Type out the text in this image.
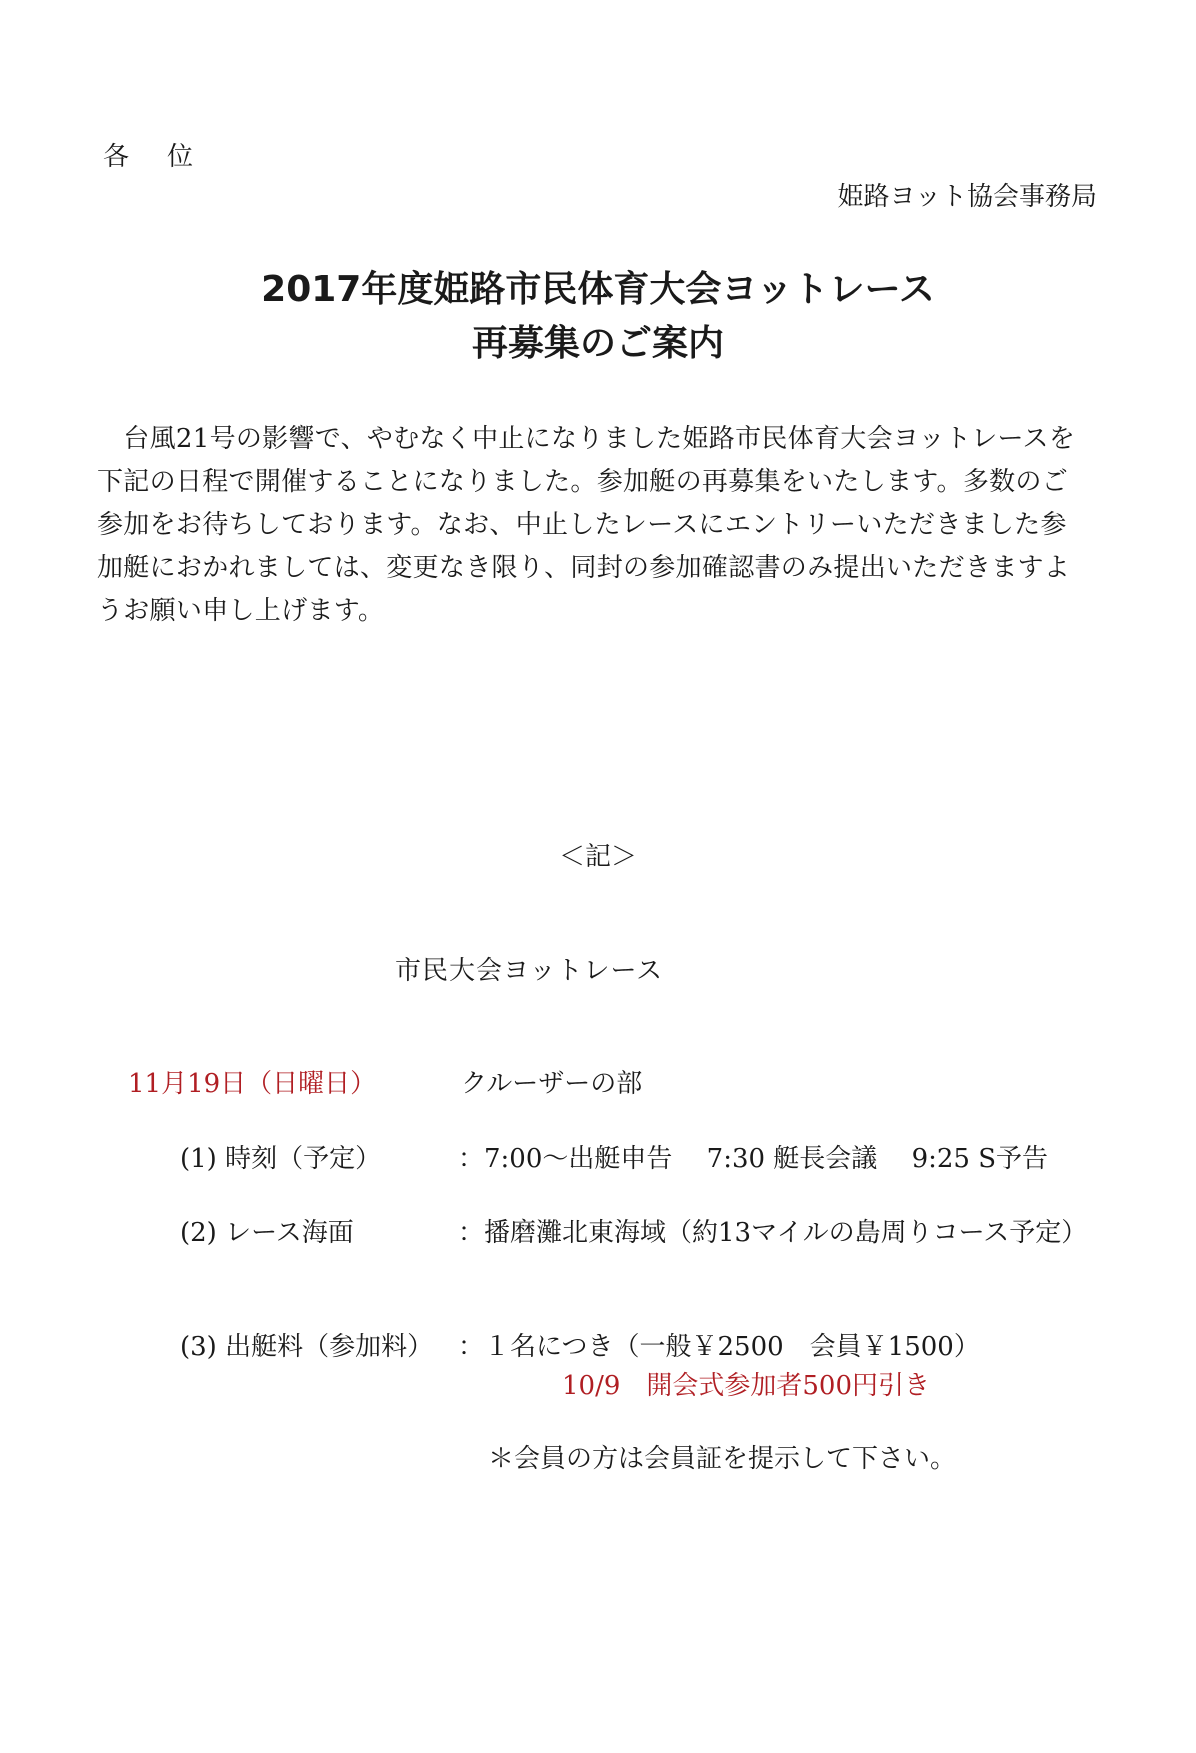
各　位
姫路ヨット協会事務局
2017年度姫路市民体育大会ヨットレース
再募集のご案内

　台風21号の影響で、やむなく中止になりました姫路市民体育大会ヨットレースを

下記の日程で開催することになりました。参加艇の再募集をいたします。多数のご

参加をお待ちしております。なお、中止したレースにエントリーいただきました参

加艇におかれましては、変更なき限り、同封の参加確認書のみ提出いただきますよ

うお願い申し上げます。

＜記＞
市民大会ヨットレース
11月19日（日曜日）	クルーザーの部
(1) 時刻（予定）	：7:00～出艇申告　 7:30 艇長会議　 9:25 S予告
(2) レース海面	：播磨灘北東海域（約13マイルの島周りコース予定）
(3) 出艇料（参加料） ：１名につき（一般￥2500　会員￥1500）
10/9　開会式参加者500円引き
＊会員の方は会員証を提示して下さい。
